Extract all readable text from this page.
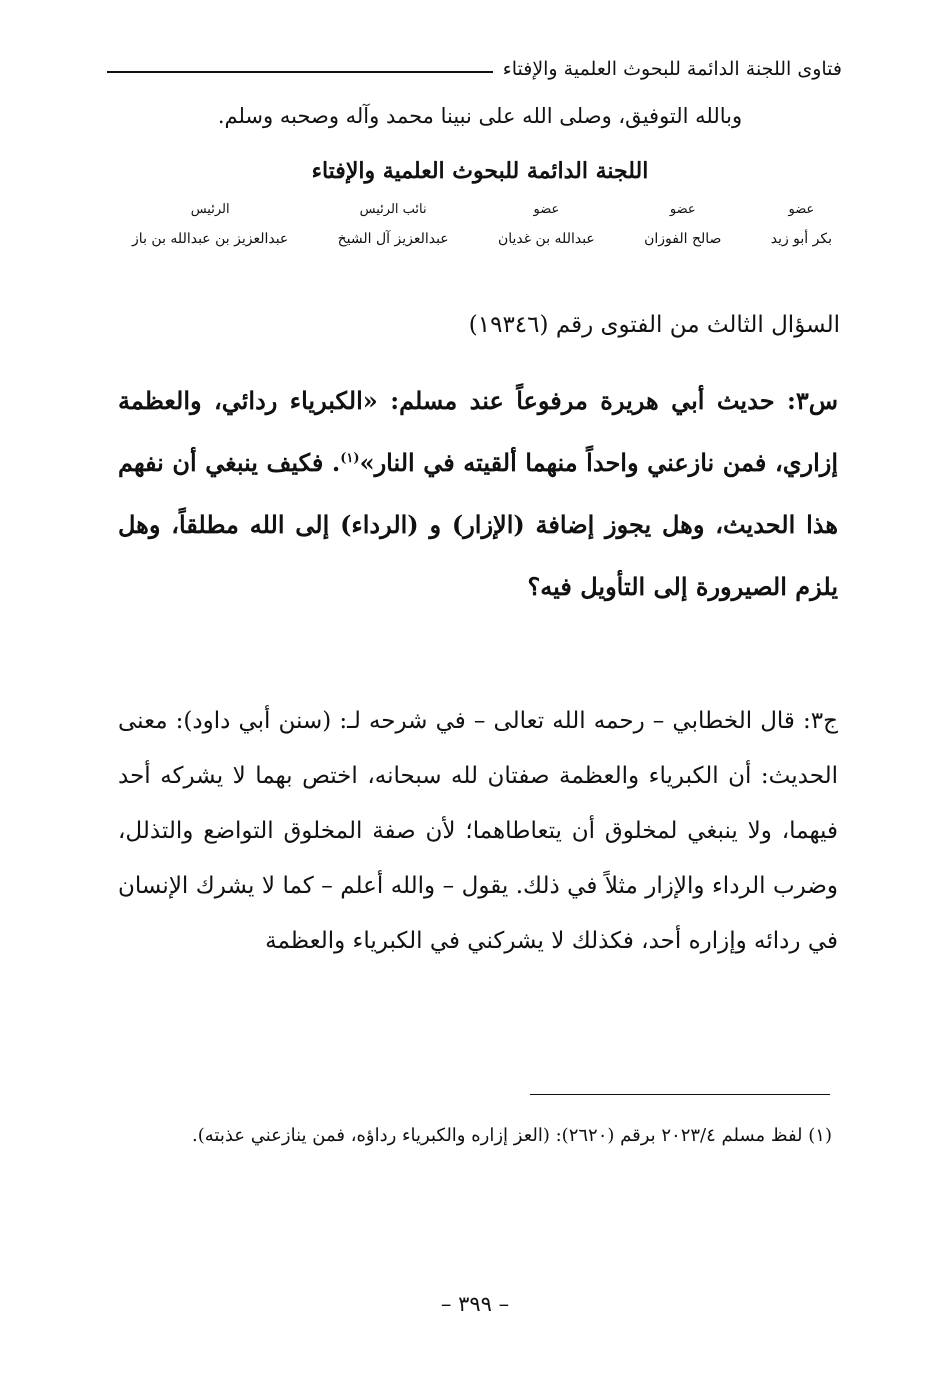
فتاوى اللجنة الدائمة للبحوث العلمية والإفتاء
وبالله التوفيق، وصلى الله على نبينا محمد وآله وصحبه وسلم.
اللجنة الدائمة للبحوث العلمية والإفتاء
عضو
بكر أبو زيد
عضو
صالح الفوزان
عضو
عبدالله بن غديان
نائب الرئيس
عبدالعزيز آل الشيخ
الرئيس
عبدالعزيز بن عبدالله بن باز
السؤال الثالث من الفتوى رقم (١٩٣٤٦)
س٣: حديث أبي هريرة مرفوعاً عند مسلم: «الكبرياء ردائي، والعظمة إزاري، فمن نازعني واحداً منهما ألقيته في النار»$^{(١)}$. فكيف ينبغي أن نفهم هذا الحديث، وهل يجوز إضافة (الإزار) و (الرداء) إلى الله مطلقاً، وهل يلزم الصيرورة إلى التأويل فيه؟
ج٣: قال الخطابي – رحمه الله تعالى – في شرحه لـ: (سنن أبي داود): معنى الحديث: أن الكبرياء والعظمة صفتان لله سبحانه، اختص بهما لا يشركه أحد فيهما، ولا ينبغي لمخلوق أن يتعاطاهما؛ لأن صفة المخلوق التواضع والتذلل، وضرب الرداء والإزار مثلاً في ذلك. يقول – والله أعلم – كما لا يشرك الإنسان في ردائه وإزاره أحد، فكذلك لا يشركني في الكبرياء والعظمة
(١) لفظ مسلم ٢٠٢٣/٤ برقم (٢٦٢٠): (العز إزاره والكبرياء رداؤه، فمن ينازعني عذبته).
– ٣٩٩ –
